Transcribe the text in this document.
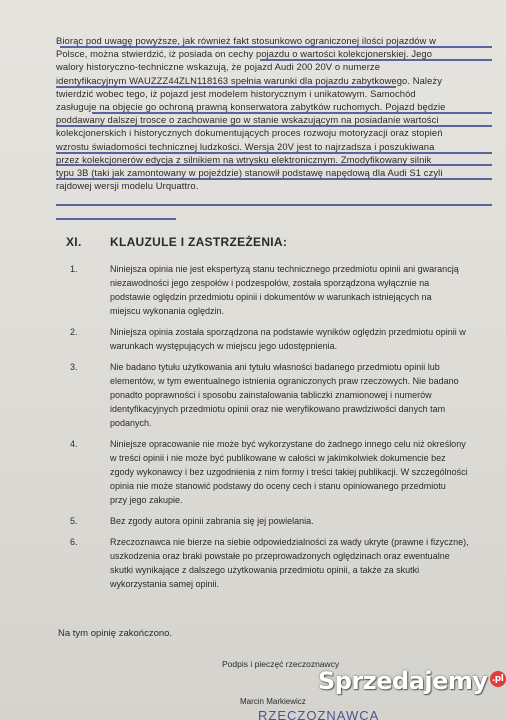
Biorąc pod uwagę powyższe, jak również fakt stosunkowo ograniczonej ilości pojazdów w
Polsce, można stwierdzić, iż posiada on cechy pojazdu o wartości kolekcjonerskiej. Jego
walory historyczno-techniczne wskazują, że pojazd Audi 200 20V o numerze
identyfikacyjnym WAUZZZ44ZLN118163 spełnia warunki dla pojazdu zabytkowego. Należy
twierdzić wobec tego, iż pojazd jest modelem historycznym i unikatowym. Samochód
zasługuje na objęcie go ochroną prawną konserwatora zabytków ruchomych. Pojazd będzie
poddawany dalszej trosce o zachowanie go w stanie wskazującym na posiadanie wartości
kolekcjonerskich i historycznych dokumentujących proces rozwoju motoryzacji oraz stopień
wzrostu świadomości technicznej ludzkości. Wersja 20V jest to najrzadsza i poszukiwana
przez kolekcjonerów edycja z silnikiem na wtrysku elektronicznym. Zmodyfikowany silnik
typu 3B (taki jak zamontowany w pojeździe) stanowił podstawę napędową dla Audi S1 czyli
rajdowej wersji modelu Urquattro.
XI. KLAUZULE I ZASTRZEŻENIA:
1.	Niniejsza opinia nie jest ekspertyzą stanu technicznego przedmiotu opinii ani gwarancją
niezawodności jego zespołów i podzespołów, została sporządzona wyłącznie na
podstawie oględzin przedmiotu opinii i dokumentów w warunkach istniejących na
miejscu wykonania oględzin.
2.	Niniejsza opinia została sporządzona na podstawie wyników oględzin przedmiotu opinii w
warunkach występujących w miejscu jego udostępnienia.
3.	Nie badano tytułu użytkowania ani tytułu własności badanego przedmiotu opinii lub
elementów, w tym ewentualnego istnienia ograniczonych praw rzeczowych. Nie badano
ponadto poprawności i sposobu zainstalowania tabliczki znamionowej i numerów
identyfikacyjnych przedmiotu opinii oraz nie weryfikowano prawdziwości danych tam
podanych.
4.	Niniejsze opracowanie nie może być wykorzystane do żadnego innego celu niż określony
w treści opinii i nie może być publikowane w całości w jakimkolwiek dokumencie bez
zgody wykonawcy i bez uzgodnienia z nim formy i treści takiej publikacji. W szczególności
opinia nie może stanowić podstawy do oceny cech i stanu opiniowanego przedmiotu
przy jego zakupie.
5.	Bez zgody autora opinii zabrania się jej powielania.
6.	Rzeczoznawca nie bierze na siebie odpowiedzialności za wady ukryte (prawne i fizyczne),
uszkodzenia oraz braki powstałe po przeprowadzonych oględzinach oraz ewentualne
skutki wynikające z dalszego użytkowania przedmiotu opinii, a także za skutki
wykorzystania samej opinii.
Na tym opinię zakończono.
Podpis i pieczęć rzeczoznawcy
Marcin Markiewicz
RZECZOZNAWCA
Sprzedajemy .pl
